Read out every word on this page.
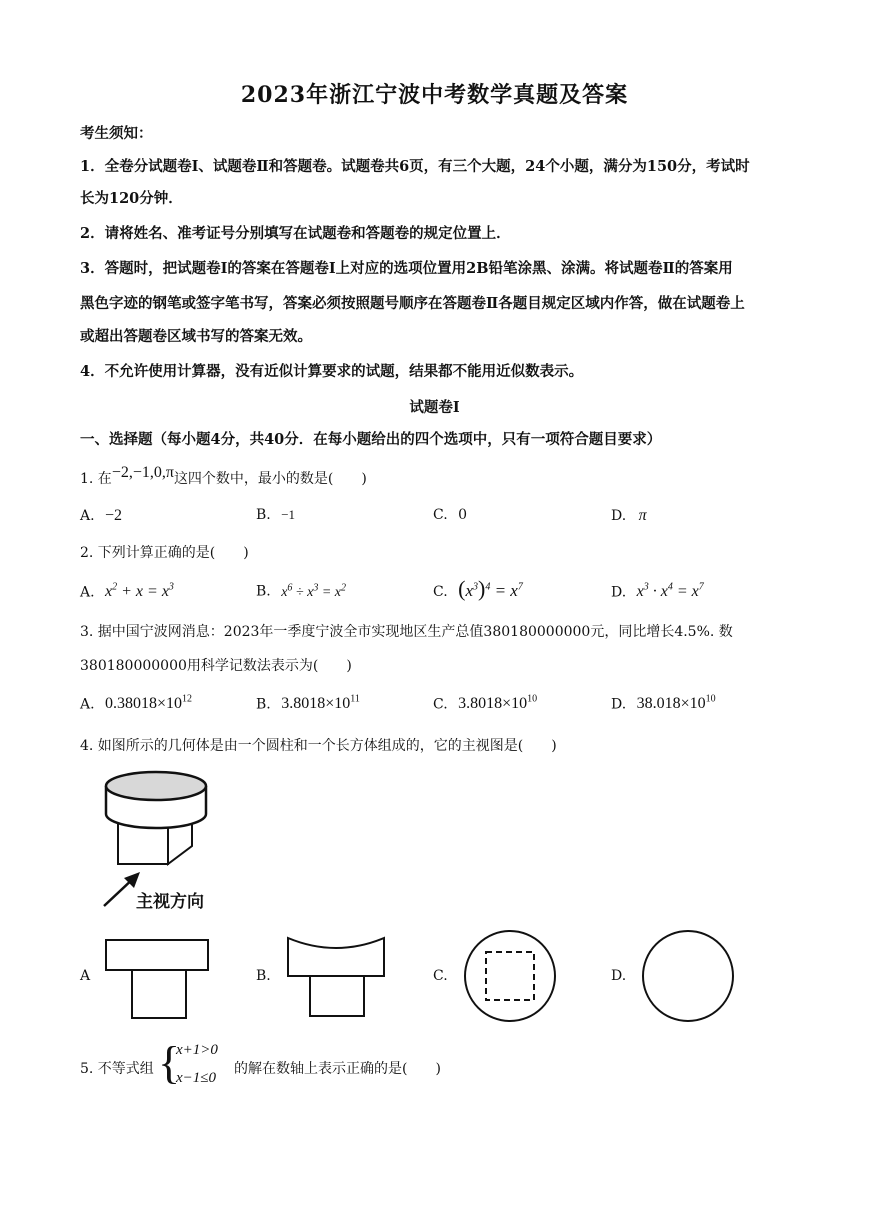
2023年浙江宁波中考数学真题及答案
考生须知：
1．全卷分试题卷Ⅰ、试题卷Ⅱ和答题卷。试题卷共6页，有三个大题，24个小题，满分为150分，考试时
长为120分钟．
2．请将姓名、准考证号分别填写在试题卷和答题卷的规定位置上．
3．答题时，把试题卷Ⅰ的答案在答题卷Ⅰ上对应的选项位置用2B铅笔涂黑、涂满。将试题卷Ⅱ的答案用
黑色字迹的钢笔或签字笔书写，答案必须按照题号顺序在答题卷Ⅱ各题目规定区域内作答，做在试题卷上
或超出答题卷区域书写的答案无效。
4．不允许使用计算器，没有近似计算要求的试题，结果都不能用近似数表示。
试题卷Ⅰ
一、选择题（每小题4分，共40分．在每小题给出的四个选项中，只有一项符合题目要求）
1. 在−2,−1,0,π这四个数中，最小的数是(　　)
A. −2	B. −1	C. 0	D. π
2. 下列计算正确的是(　　)
A. $x^2 + x = x^3$	B. $x^6 \div x^3 = x^2$	C. $(x^3)^4 = x^7$	D. $x^3 \cdot x^4 = x^7$
3. 据中国宁波网消息：2023年一季度宁波全市实现地区生产总值380180000000元，同比增长4.5%. 数
380180000000用科学记数法表示为(　　)
A. $0.38018\times 10^{12}$	B. $3.8018\times 10^{11}$	C. $3.8018\times 10^{10}$	D. $38.018\times 10^{10}$
4. 如图所示的几何体是由一个圆柱和一个长方体组成的，它的主视图是(　　)
主视方向
A	B.	C.	D.
5. 不等式组 {
x+1>0
x−1≤0
的解在数轴上表示正确的是(　　)
